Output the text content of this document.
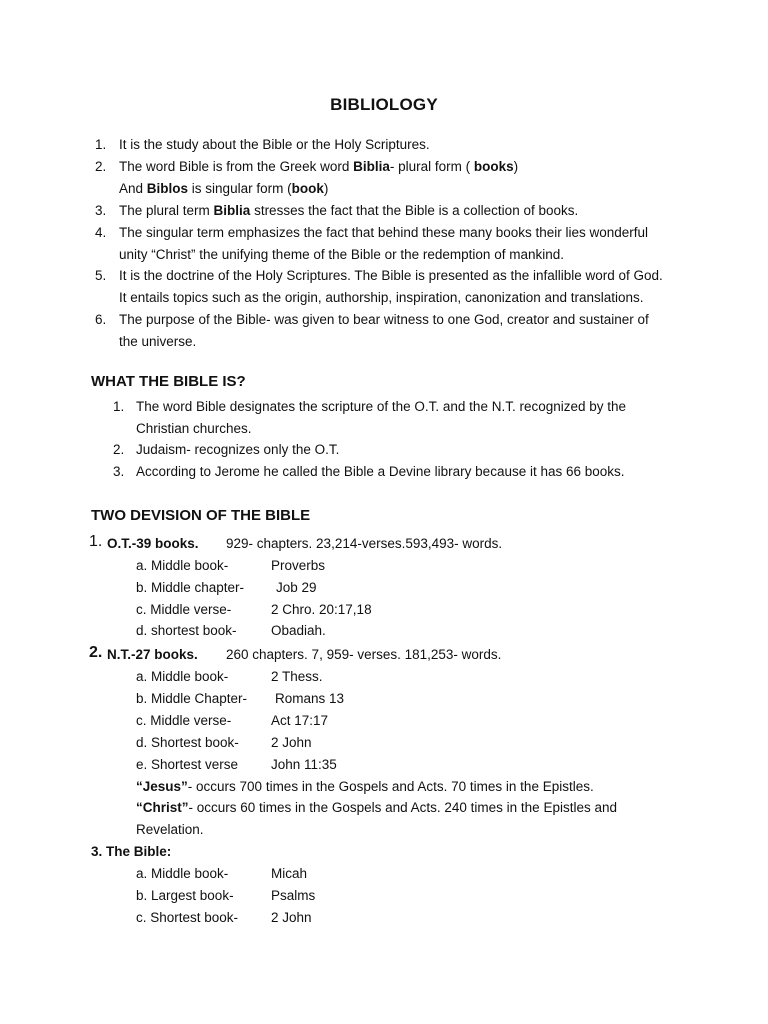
BIBLIOLOGY
1. It is the study about the Bible or the Holy Scriptures.
2. The word Bible is from the Greek word Biblia- plural form ( books)
And Biblos is singular form (book)
3. The plural term Biblia stresses the fact that the Bible is a collection of books.
4. The singular term emphasizes the fact that behind these many books their lies wonderful
unity “Christ” the unifying theme of the Bible or the redemption of mankind.
5. It is the doctrine of the Holy Scriptures. The Bible is presented as the infallible word of God.
It entails topics such as the origin, authorship, inspiration, canonization and translations.
6. The purpose of the Bible- was given to bear witness to one God, creator and sustainer of
the universe.
WHAT THE BIBLE IS?
1. The word Bible designates the scripture of the O.T. and the N.T. recognized by the
Christian churches.
2. Judaism- recognizes only the O.T.
3. According to Jerome he called the Bible a Devine library because it has 66 books.
TWO DEVISION OF THE BIBLE
1. O.T.-39 books. 929- chapters. 23,214-verses.593,493- words.
a. Middle book-	Proverbs
b. Middle chapter- Job 29
c. Middle verse-	2 Chro. 20:17,18
d. shortest book-	Obadiah.
2. N.T.-27 books. 260 chapters. 7, 959- verses. 181,253- words.
a. Middle book-	2 Thess.
b. Middle Chapter- Romans 13
c. Middle verse-	Act 17:17
d. Shortest book- 2 John
e. Shortest verse John 11:35
“Jesus”- occurs 700 times in the Gospels and Acts. 70 times in the Epistles.
“Christ”- occurs 60 times in the Gospels and Acts. 240 times in the Epistles and
Revelation.
3. The Bible:
a. Middle book-	Micah
b. Largest book-	Psalms
c. Shortest book- 2 John
